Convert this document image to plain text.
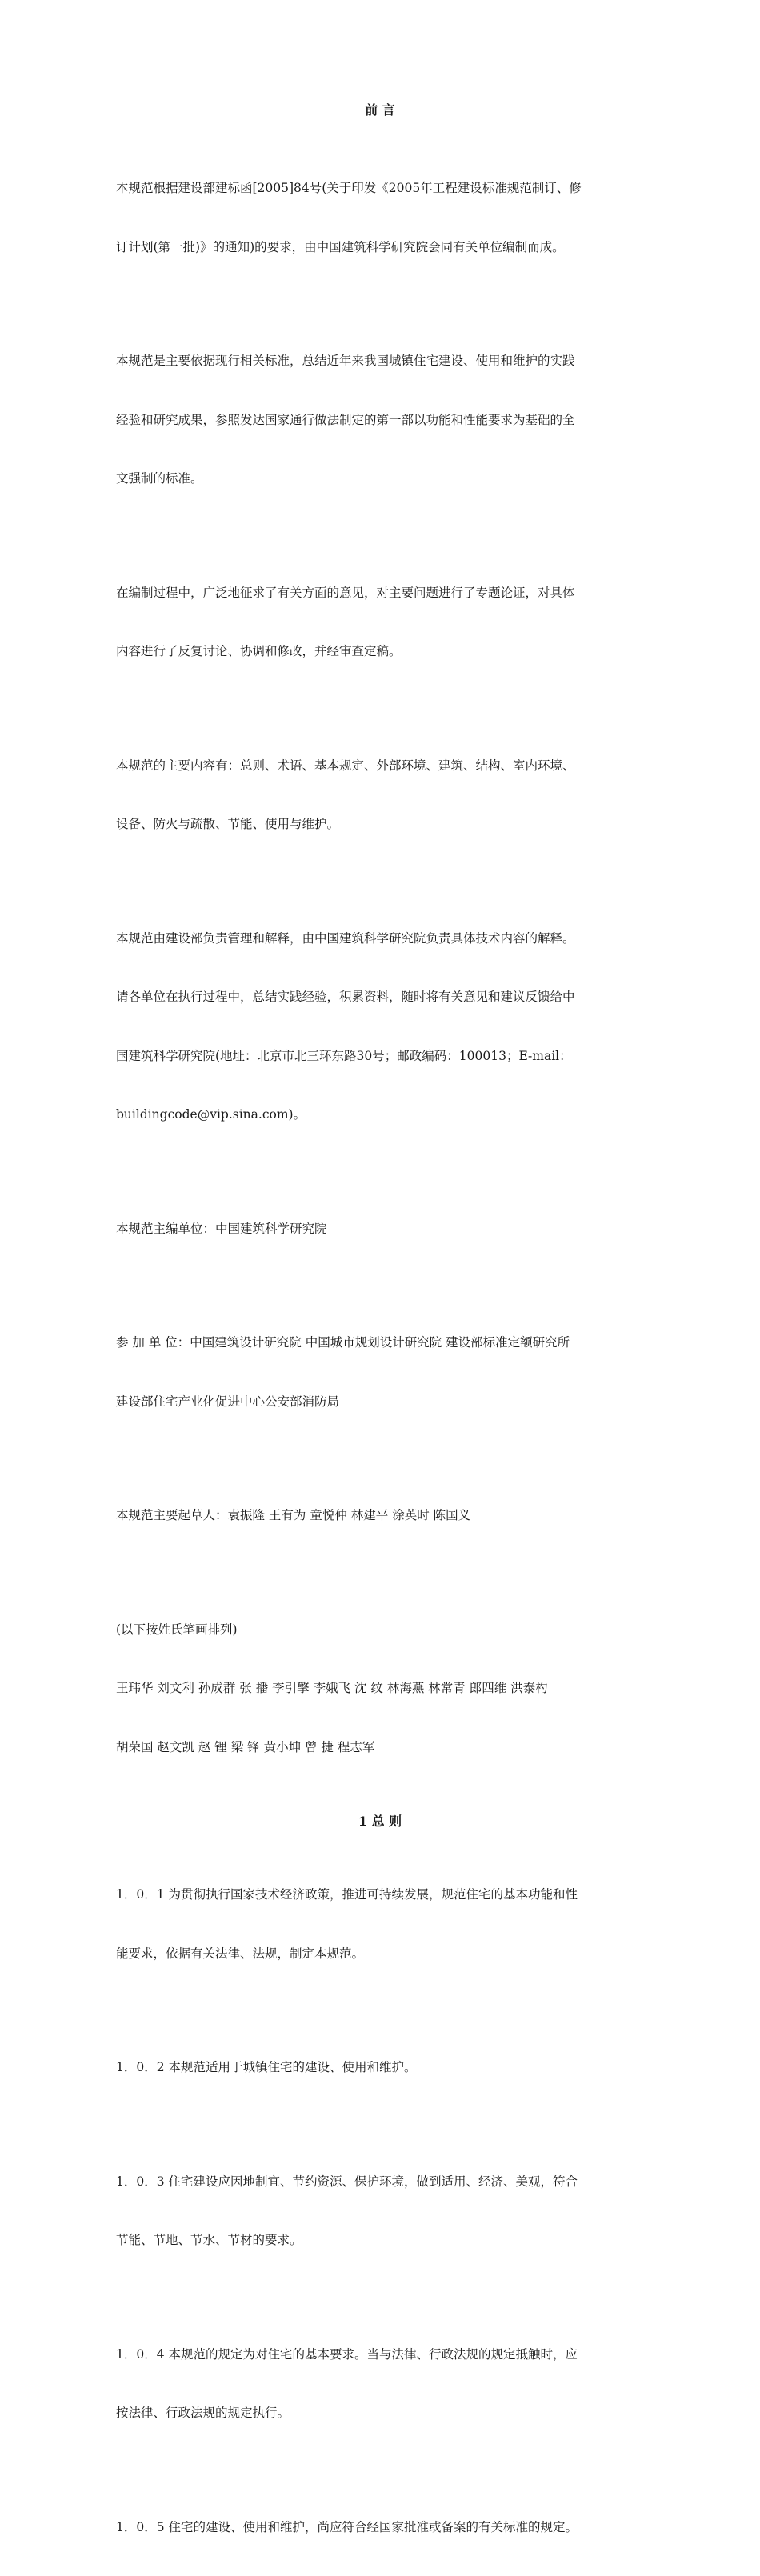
前 言

本规范根据建设部建标函[2005]84号(关于印发《2005年工程建设标准规范制订、修

订计划(第一批)》的通知)的要求，由中国建筑科学研究院会同有关单位编制而成。

本规范是主要依据现行相关标准，总结近年来我国城镇住宅建设、使用和维护的实践

经验和研究成果，参照发达国家通行做法制定的第一部以功能和性能要求为基础的全

文强制的标准。

在编制过程中，广泛地征求了有关方面的意见，对主要问题进行了专题论证，对具体

内容进行了反复讨论、协调和修改，并经审查定稿。

本规范的主要内容有：总则、术语、基本规定、外部环境、建筑、结构、室内环境、

设备、防火与疏散、节能、使用与维护。

本规范由建设部负责管理和解释，由中国建筑科学研究院负责具体技术内容的解释。

请各单位在执行过程中，总结实践经验，积累资料，随时将有关意见和建议反馈给中

国建筑科学研究院(地址：北京市北三环东路30号；邮政编码：100013；E-mail：

buildingcode@vip.sina.com)。

本规范主编单位：中国建筑科学研究院

参 加 单 位：中国建筑设计研究院 中国城市规划设计研究院 建设部标准定额研究所

建设部住宅产业化促进中心公安部消防局

本规范主要起草人：袁振隆 王有为 童悦仲 林建平 涂英时 陈国义

(以下按姓氏笔画排列)

王玮华 刘文利 孙成群 张 播 李引擎 李娥飞 沈 纹 林海燕 林常青 郎四维 洪泰杓

胡荣国 赵文凯 赵 锂 梁 锋 黄小坤 曾 捷 程志军

1 总 则

1．0．1 为贯彻执行国家技术经济政策，推进可持续发展，规范住宅的基本功能和性

能要求，依据有关法律、法规，制定本规范。

1．0．2 本规范适用于城镇住宅的建设、使用和维护。

1．0．3 住宅建设应因地制宜、节约资源、保护环境，做到适用、经济、美观，符合

节能、节地、节水、节材的要求。

1．0．4 本规范的规定为对住宅的基本要求。当与法律、行政法规的规定抵触时，应

按法律、行政法规的规定执行。

1．0．5 住宅的建设、使用和维护，尚应符合经国家批准或备案的有关标准的规定。
